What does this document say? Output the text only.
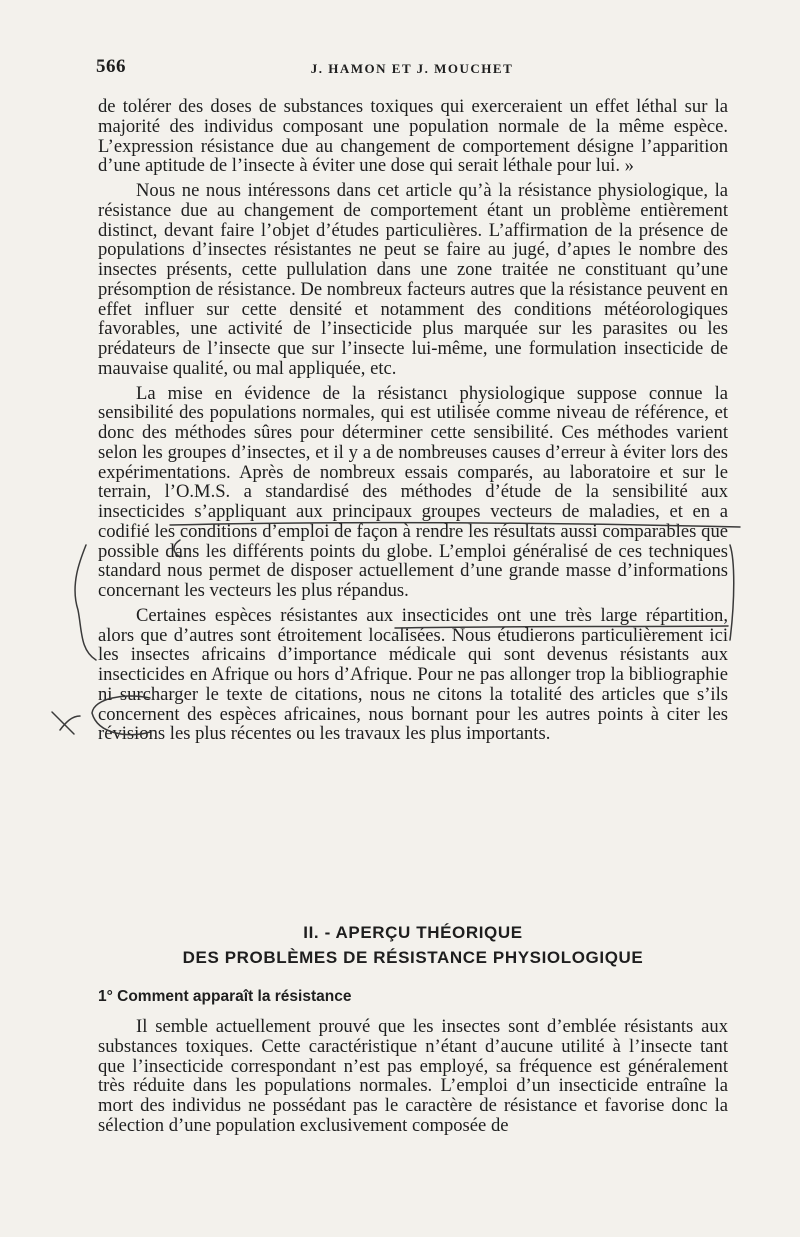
566	J. HAMON ET J. MOUCHET

de tolérer des doses de substances toxiques qui exerceraient un effet léthal sur la majorité des individus composant une population normale de la même espèce. L’expression résistance due au changement de comportement désigne l’apparition d’une aptitude de l’insecte à éviter une dose qui serait léthale pour lui. »

Nous ne nous intéressons dans cet article qu’à la résistance physiologique, la résistance due au changement de comportement étant un problème entièrement distinct, devant faire l’objet d’études particulières. L’affirmation de la présence de populations d’insectes résistantes ne peut se faire au jugé, d’apιes le nombre des insectes présents, cette pullulation dans une zone traitée ne constituant qu’une présomption de résistance. De nombreux facteurs autres que la résistance peuvent en effet influer sur cette densité et notamment des conditions météorologiques favorables, une activité de l’insecticide plus marquée sur les parasites ou les prédateurs de l’insecte que sur l’insecte lui-même, une formulation insecticide de mauvaise qualité, ou mal appliquée, etc.

La mise en évidence de la résistancι physiologique suppose connue la sensibilité des populations normales, qui est utilisée comme niveau de référence, et donc des méthodes sûres pour déterminer cette sensibilité. Ces méthodes varient selon les groupes d’insectes, et il y a de nombreuses causes d’erreur à éviter lors des expérimentations. Après de nombreux essais comparés, au laboratoire et sur le terrain, l’O.M.S. a standardisé des méthodes d’étude de la sensibilité aux insecticides s’appliquant aux principaux groupes vecteurs de maladies, et en a codifié les conditions d’emploi de façon à rendre les résultats aussi comparables que possible dans les différents points du globe. L’emploi généralisé de ces techniques standard nous permet de disposer actuellement d’une grande masse d’informations concernant les vecteurs les plus répandus.

Certaines espèces résistantes aux insecticides ont une très large répartition, alors que d’autres sont étroitement localisées. Nous étudierons particulièrement ici les insectes africains d’importance médicale qui sont devenus résistants aux insecticides en Afrique ou hors d’Afrique. Pour ne pas allonger trop la bibliographie ni surcharger le texte de citations, nous ne citons la totalité des articles que s’ils concernent des espèces africaines, nous bornant pour les autres points à citer les révisions les plus récentes ou les travaux les plus importants.

II. - APERÇU THÉORIQUE
DES PROBLÈMES DE RÉSISTANCE PHYSIOLOGIQUE
1° Comment apparaît la résistance

Il semble actuellement prouvé que les insectes sont d’emblée résistants aux substances toxiques. Cette caractéristique n’étant d’aucune utilité à l’insecte tant que l’insecticide correspondant n’est pas employé, sa fréquence est généralement très réduite dans les populations normales. L’emploi d’un insecticide entraîne la mort des individus ne possédant pas le caractère de résistance et favorise donc la sélection d’une population exclusivement composée de
